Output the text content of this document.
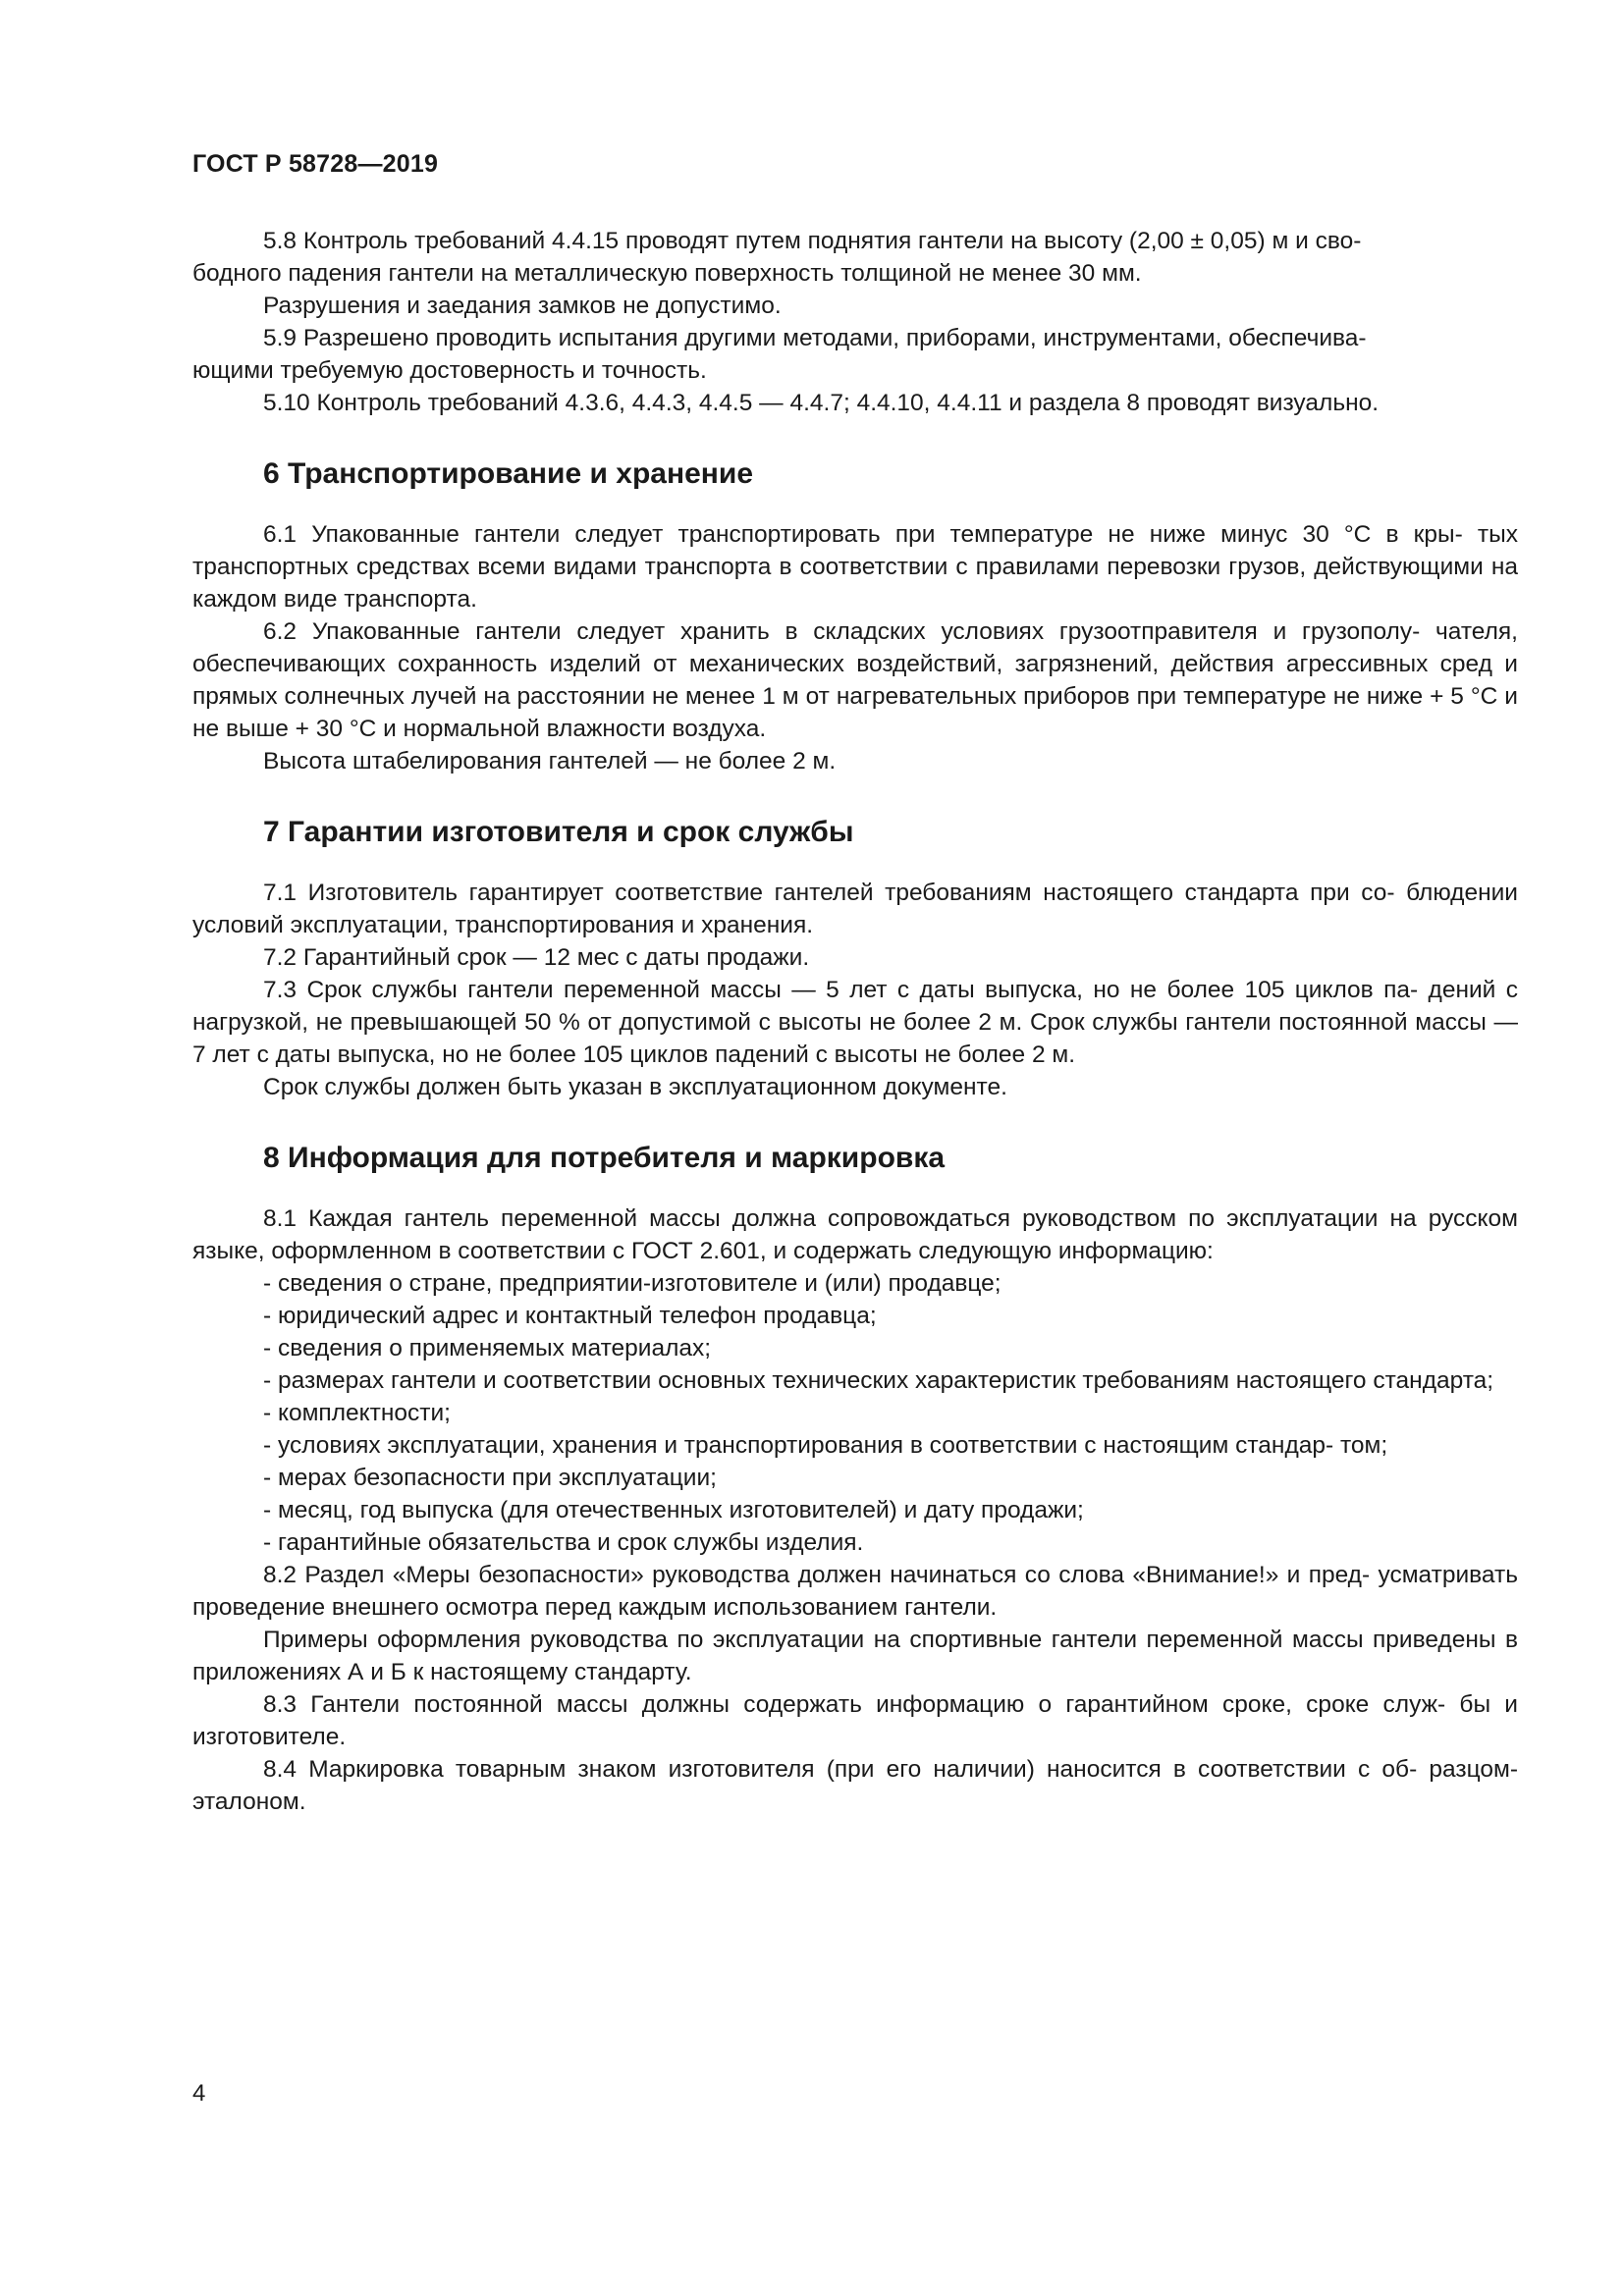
ГОСТ Р 58728—2019

5.8 Контроль требований 4.4.15 проводят путем поднятия гантели на высоту (2,00 ± 0,05) м и сво-

бодного падения гантели на металлическую поверхность толщиной не менее 30 мм.

Разрушения и заедания замков не допустимо.

5.9 Разрешено проводить испытания другими методами, приборами, инструментами, обеспечива-

ющими требуемую достоверность и точность.

5.10 Контроль требований 4.3.6, 4.4.3, 4.4.5 — 4.4.7; 4.4.10, 4.4.11 и раздела 8 проводят визуально.

6 Транспортирование и хранение

6.1 Упакованные гантели следует транспортировать при температуре не ниже минус 30 °С в кры- тых транспортных средствах всеми видами транспорта в соответствии с правилами перевозки грузов, действующими на каждом виде транспорта.

6.2 Упакованные гантели следует хранить в складских условиях грузоотправителя и грузополу- чателя, обеспечивающих сохранность изделий от механических воздействий, загрязнений, действия агрессивных сред и прямых солнечных лучей на расстоянии не менее 1 м от нагревательных приборов при температуре не ниже + 5 °С и не выше + 30 °С и нормальной влажности воздуха.

Высота штабелирования гантелей — не более 2 м.

7 Гарантии изготовителя и срок службы

7.1 Изготовитель гарантирует соответствие гантелей требованиям настоящего стандарта при со- блюдении условий эксплуатации, транспортирования и хранения.

7.2 Гарантийный срок — 12 мес с даты продажи.

7.3 Срок службы гантели переменной массы — 5 лет с даты выпуска, но не более 105 циклов па- дений с нагрузкой, не превышающей 50 % от допустимой с высоты не более 2 м. Срок службы гантели постоянной массы — 7 лет с даты выпуска, но не более 105 циклов падений с высоты не более 2 м.

Срок службы должен быть указан в эксплуатационном документе.

8 Информация для потребителя и маркировка

8.1 Каждая гантель переменной массы должна сопровождаться руководством по эксплуатации на русском языке, оформленном в соответствии с ГОСТ 2.601, и содержать следующую информацию:

- сведения о стране, предприятии-изготовителе и (или) продавце;

- юридический адрес и контактный телефон продавца;

- сведения о применяемых материалах;

- размерах гантели и соответствии основных технических характеристик требованиям настоящего стандарта;

- комплектности;

- условиях эксплуатации, хранения и транспортирования в соответствии с настоящим стандар- том;

- мерах безопасности при эксплуатации;

- месяц, год выпуска (для отечественных изготовителей) и дату продажи;

- гарантийные обязательства и срок службы изделия.

8.2 Раздел «Меры безопасности» руководства должен начинаться со слова «Внимание!» и пред- усматривать проведение внешнего осмотра перед каждым использованием гантели.

Примеры оформления руководства по эксплуатации на спортивные гантели переменной массы приведены в приложениях А и Б к настоящему стандарту.

8.3 Гантели постоянной массы должны содержать информацию о гарантийном сроке, сроке служ- бы и изготовителе.

8.4 Маркировка товарным знаком изготовителя (при его наличии) наносится в соответствии с об- разцом-эталоном.

4
